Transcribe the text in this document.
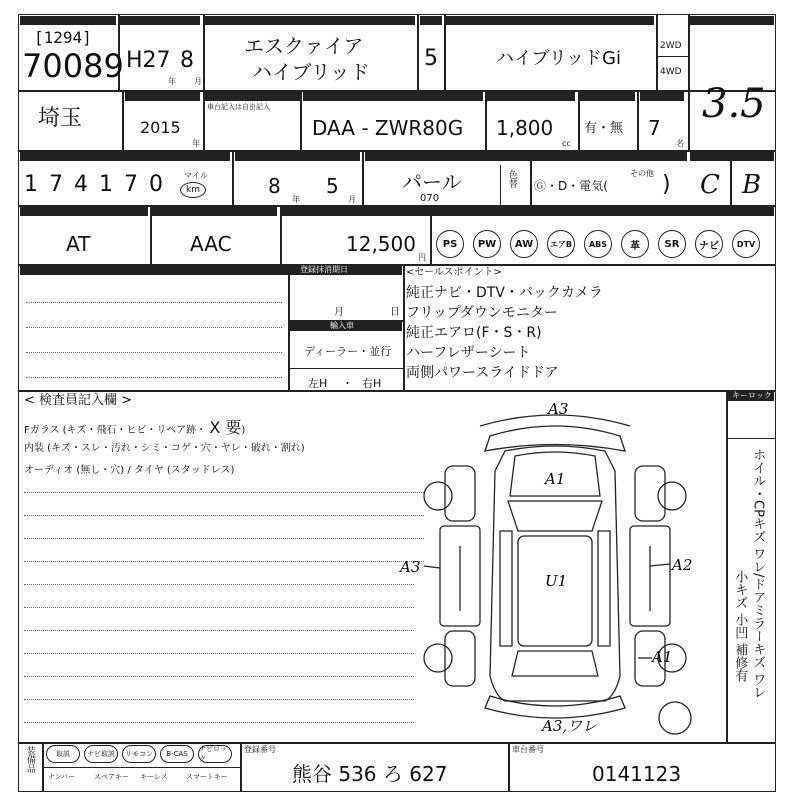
[1294]
70089 H27 8
年 月
エスクァイア
ハイブリッド
5	ハイブリッドGi
2WD
4WD
3.5
埼玉	2015
年
車台記入は自由記入
DAA - ZWR80G 1,800
cc
有・無 7
名
1 7 4 1 7 0	マイル
km	8
年
5
月
パール
070
色替 Ⓖ・D・電気(
その他 ) C B
AT	AAC	12,500
円
PS	PW	AW	エアB	ABS	革	SR	ナビ	DTV
登録抹消期日
月	日
輸入車
ディーラー・並行
左H ・ 右H
<セールスポイント>
純正ナビ・DTV・バックカメラ
フリップダウンモニター
純正エアロ(F・S・R)
ハーフレザーシート
両側パワースライドドア
< 検査員記入欄 >
Fガラス (キズ・飛石・ヒビ・リペア跡・ X 要)
内装 (キズ・スレ・汚れ・シミ・コゲ・穴・ヤレ・破れ・割れ)
オーディオ (無し・穴) / タイヤ (スタッドレス)
A3
A1
U1
A3	A2
A1
A3,ワレ
キーロック
ホイル・CPキズ ワレ/ドアミラーキズ ワレ
小キズ 小凹 補修有
装備品	取説	ナビ取説	リモコン	B-CAS
ナビロック
ナンバー	スペアキー キーレス	スマートキー
登録番号
熊谷 536 ろ 627
車台番号
0141123
